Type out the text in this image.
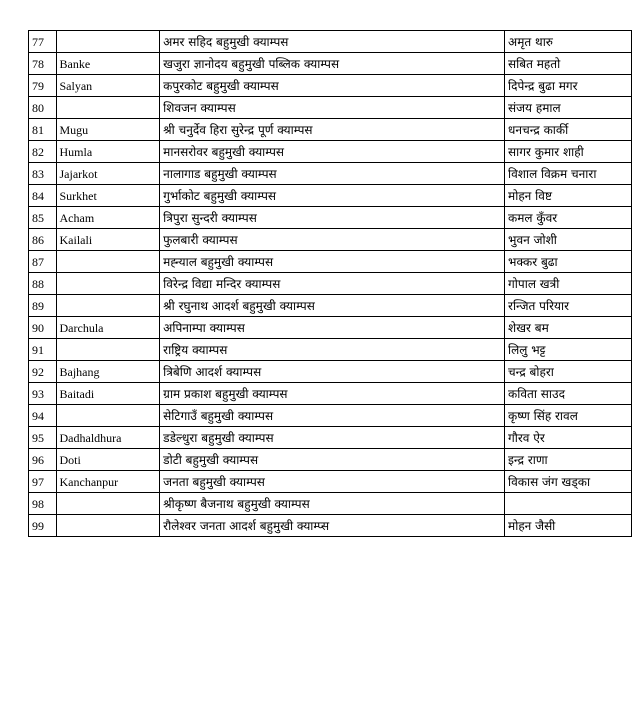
77		अमर सहिद बहुमुखी क्याम्पस	अमृत थारु
78	Banke	खजुरा ज्ञानोदय बहुमुखी पब्लिक क्याम्पस	सबित महतो
79	Salyan	कपुरकोट बहुमुखी क्याम्पस	दिपेन्द्र बुढा मगर
80		शिवजन क्याम्पस	संजय हमाल
81	Mugu	श्री चनुर्देव हिरा सुरेन्द्र पूर्ण क्याम्पस	धनचन्द्र कार्की
82	Humla	मानसरोवर बहुमुखी क्याम्पस	सागर कुमार शाही
83	Jajarkot	नालागाड बहुमुखी क्याम्पस	विशाल विक्रम चनारा
84	Surkhet	गुर्भाकोट बहुमुखी क्याम्पस	मोहन विष्ट
85	Acham	त्रिपुरा सुन्दरी क्याम्पस	कमल कुँवर
86	Kailali	फुलबारी क्याम्पस	भुवन जोशी
87		मह्न्याल बहुमुखी क्याम्पस	भक्कर बुढा
88		विरेन्द्र विद्या मन्दिर क्याम्पस	गोपाल खत्री
89		श्री रघुनाथ आदर्श बहुमुखी क्याम्पस	रन्जित परियार
90	Darchula	अपिनाम्पा क्याम्पस	शेखर बम
91		राष्ट्रिय क्याम्पस	लिलु भट्ट
92	Bajhang	त्रिबेणि आदर्श क्याम्पस	चन्द्र बोहरा
93	Baitadi	ग्राम प्रकाश बहुमुखी क्याम्पस	कविता साउद
94		सेटिगाउँ बहुमुखी क्याम्पस	कृष्ण सिंह रावल
95	Dadhaldhura	डडेल्धुरा बहुमुखी क्याम्पस	गौरव ऐर
96	Doti	डोटी बहुमुखी क्याम्पस	इन्द्र राणा
97	Kanchanpur	जनता बहुमुखी क्याम्पस	विकास जंग खड्का
98		श्रीकृष्ण बैजनाथ बहुमुखी क्याम्पस	
99		रौलेश्वर जनता आदर्श बहुमुखी क्याम्प्स	मोहन जैसी
